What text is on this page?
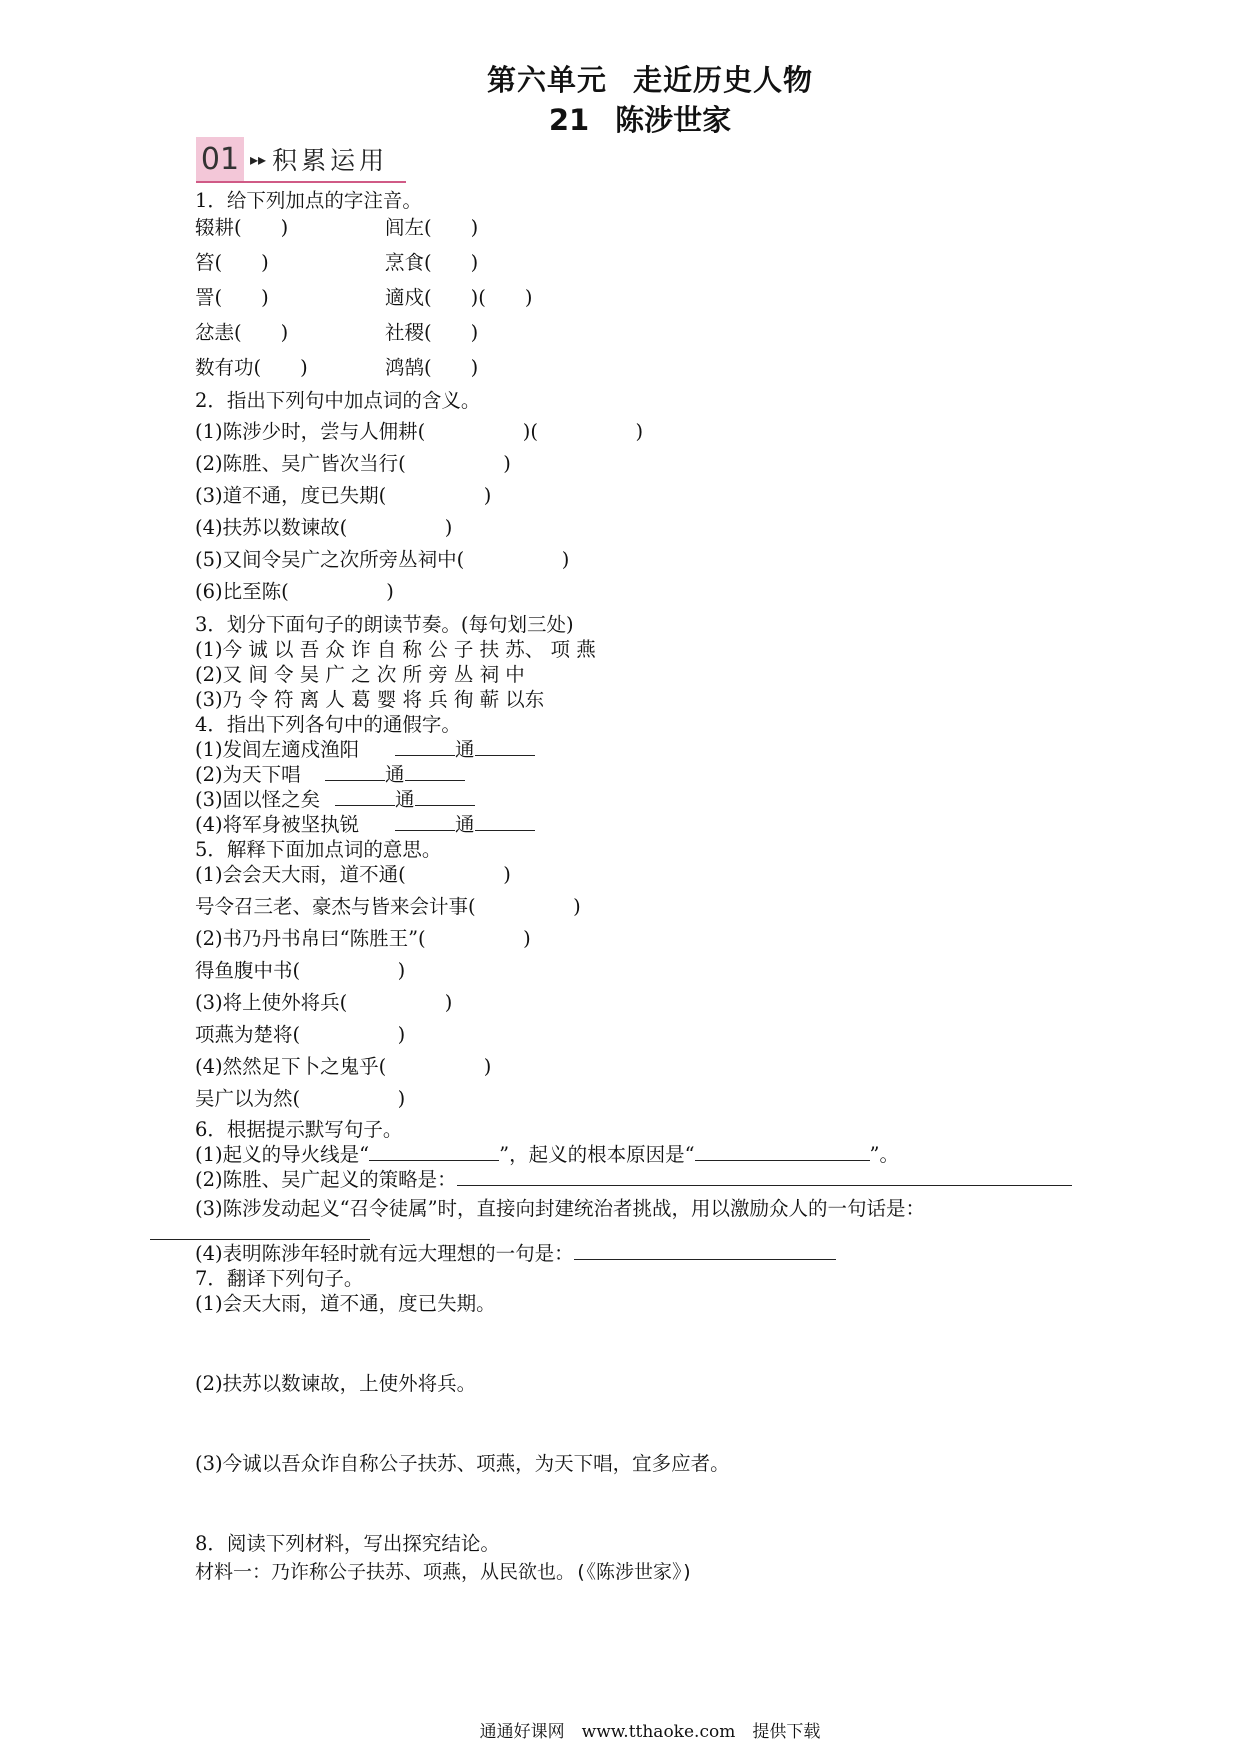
第六单元 走近历史人物
21 陈涉世家
01 ▸▸ 积累运用
1．给下列加点的字注音。
辍耕(　　)	闾左(　　)
笞(　　)	烹食(　　)
詈(　　)	適戍(　　)(　　)
忿恚(　　)	社稷(　　)
数有功(　　)	鸿鹄(　　)
2．指出下列句中加点词的含义。
(1)陈涉少时，尝与人佣耕(　　　　　)(　　　　　)
(2)陈胜、吴广皆次当行(　　　　　)
(3)道不通，度已失期(　　　　　)
(4)扶苏以数谏故(　　　　　)
(5)又间令吴广之次所旁丛祠中(　　　　　)
(6)比至陈(　　　　　)
3．划分下面句子的朗读节奏。(每句划三处)
(1)今 诚 以 吾 众 诈 自 称 公 子 扶 苏、 项 燕
(2)又 间 令 吴 广 之 次 所 旁 丛 祠 中
(3)乃 令 符 离 人 葛 婴 将 兵 徇 蕲 以东
4．指出下列各句中的通假字。
(1)发闾左適戍渔阳	通
(2)为天下唱	通
(3)固以怪之矣	通
(4)将军身被坚执锐	通
5．解释下面加点词的意思。
(1)会会天大雨，道不通(　　　　　)
号令召三老、豪杰与皆来会计事(　　　　　)
(2)书乃丹书帛曰“陈胜王”(　　　　　)
得鱼腹中书(　　　　　)
(3)将上使外将兵(　　　　　)
项燕为楚将(　　　　　)
(4)然然足下卜之鬼乎(　　　　　)
吴广以为然(　　　　　)
6．根据提示默写句子。
(1)起义的导火线是“	”，起义的根本原因是“	”。
(2)陈胜、吴广起义的策略是：
(3)陈涉发动起义“召令徒属”时，直接向封建统治者挑战，用以激励众人的一句话是：
(4)表明陈涉年轻时就有远大理想的一句是：
7．翻译下列句子。
(1)会天大雨，道不通，度已失期。
(2)扶苏以数谏故，上使外将兵。
(3)今诚以吾众诈自称公子扶苏、项燕，为天下唱，宜多应者。
8．阅读下列材料，写出探究结论。
材料一：乃诈称公子扶苏、项燕，从民欲也。(《陈涉世家》)
通通好课网　www.tthaoke.com　提供下载
